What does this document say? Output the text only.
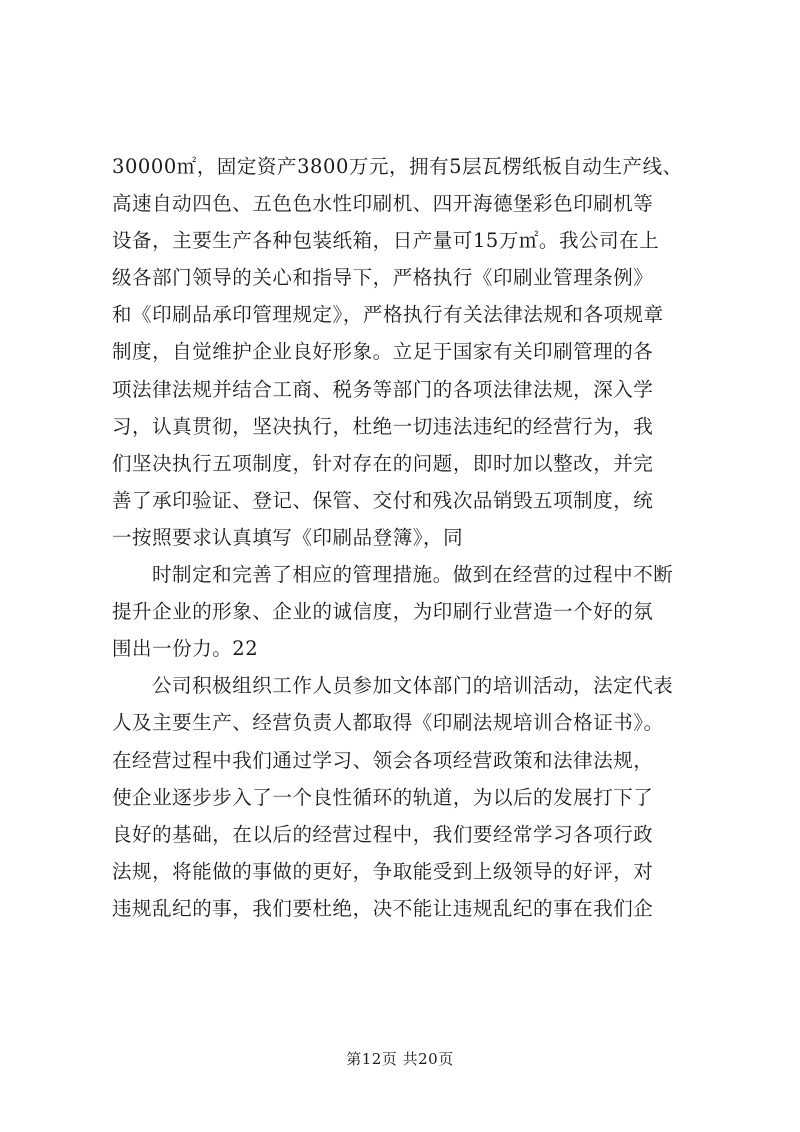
30000㎡，固定资产3800万元，拥有5层瓦楞纸板自动生产线、
高速自动四色、五色色水性印刷机、四开海德堡彩色印刷机等
设备，主要生产各种包装纸箱，日产量可15万㎡。我公司在上
级各部门领导的关心和指导下，严格执行《印刷业管理条例》
和《印刷品承印管理规定》，严格执行有关法律法规和各项规章
制度，自觉维护企业良好形象。立足于国家有关印刷管理的各
项法律法规并结合工商、税务等部门的各项法律法规，深入学
习，认真贯彻，坚决执行，杜绝一切违法违纪的经营行为，我
们坚决执行五项制度，针对存在的问题，即时加以整改，并完
善了承印验证、登记、保管、交付和残次品销毁五项制度，统
一按照要求认真填写《印刷品登簿》，同
时制定和完善了相应的管理措施。做到在经营的过程中不断
提升企业的形象、企业的诚信度，为印刷行业营造一个好的氛
围出一份力。22
公司积极组织工作人员参加文体部门的培训活动，法定代表
人及主要生产、经营负责人都取得《印刷法规培训合格证书》。
在经营过程中我们通过学习、领会各项经营政策和法律法规，
使企业逐步步入了一个良性循环的轨道，为以后的发展打下了
良好的基础，在以后的经营过程中，我们要经常学习各项行政
法规，将能做的事做的更好，争取能受到上级领导的好评，对
违规乱纪的事，我们要杜绝，决不能让违规乱纪的事在我们企
第12页 共20页
